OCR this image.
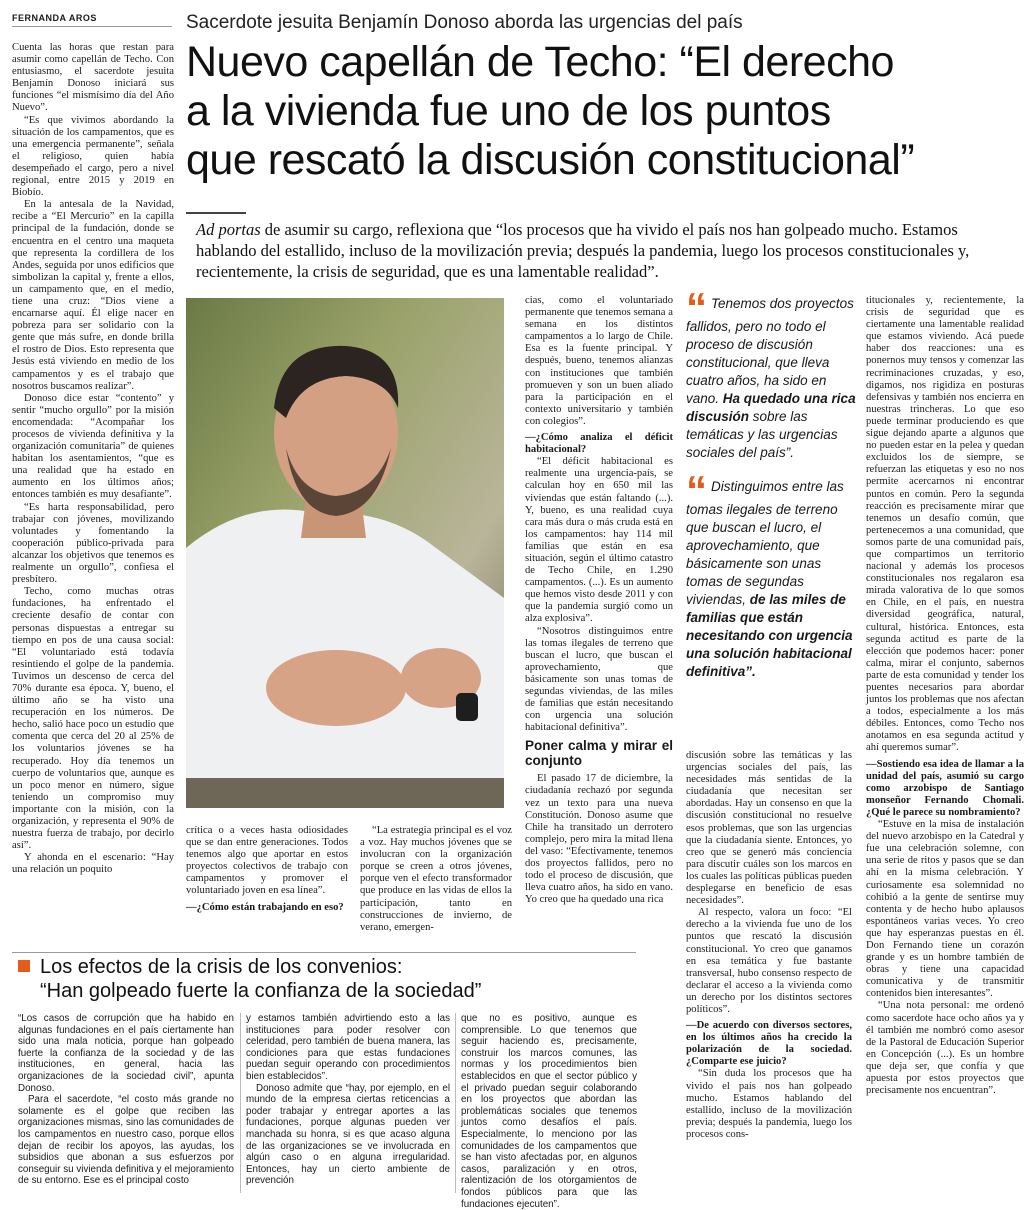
FERNANDA AROS	Sacerdote jesuita Benjamín Donoso aborda las urgencias del país
Nuevo capellán de Techo: “El derecho
a la vivienda fue uno de los puntos
que rescató la discusión constitucional”
Ad portas de asumir su cargo, reflexiona que “los procesos que ha vivido el país nos han golpeado mucho. Estamos hablando del estallido, incluso de la movilización previa; después la pandemia, luego los procesos constitucionales y, recientemente, la crisis de seguridad, que es una lamentable realidad”.

Cuenta las horas que restan para asumir como capellán de Techo. Con entusiasmo, el sacerdote jesuita Benjamín Donoso iniciará sus funciones “el mismísimo día del Año Nuevo”.

“Es que vivimos abordando la situación de los campamentos, que es una emergencia permanente”, señala el religioso, quien había desempeñado el cargo, pero a nivel regional, entre 2015 y 2019 en Biobío.

En la antesala de la Navidad, recibe a “El Mercurio” en la capilla principal de la fundación, donde se encuentra en el centro una maqueta que representa la cordillera de los Andes, seguida por unos edificios que simbolizan la capital y, frente a ellos, un campamento que, en el medio, tiene una cruz: “Dios viene a encarnarse aquí. Él elige nacer en pobreza para ser solidario con la gente que más sufre, en donde brilla el rostro de Dios. Esto representa que Jesús está viviendo en medio de los campamentos y es el trabajo que nosotros buscamos realizar”.

Donoso dice estar “contento” y sentir “mucho orgullo” por la misión encomendada: “Acompañar los procesos de vivienda definitiva y la organización comunitaria” de quienes habitan los asentamientos, “que es una realidad que ha estado en aumento en los últimos años; entonces también es muy desafiante”.

“Es harta responsabilidad, pero trabajar con jóvenes, movilizando voluntades y fomentando la cooperación público-privada para alcanzar los objetivos que tenemos es realmente un orgullo”, confiesa el presbítero.

Techo, como muchas otras fundaciones, ha enfrentado el creciente desafío de contar con personas dispuestas a entregar su tiempo en pos de una causa social: “El voluntariado está todavía resintiendo el golpe de la pandemia. Tuvimos un descenso de cerca del 70% durante esa época. Y, bueno, el último año se ha visto una recuperación en los números. De hecho, salió hace poco un estudio que comenta que cerca del 20 al 25% de los voluntarios jóvenes se ha recuperado. Hoy día tenemos un cuerpo de voluntarios que, aunque es un poco menor en número, sigue teniendo un compromiso muy importante con la misión, con la organización, y representa el 90% de nuestra fuerza de trabajo, por decirlo así”.

Y ahonda en el escenario: “Hay una relación un poquito

crítica o a veces hasta odiosidades que se dan entre generaciones. Todos tenemos algo que aportar en estos proyectos colectivos de trabajo con campamentos y promover el voluntariado joven en esa línea”.

—¿Cómo están trabajando en eso?

“La estrategia principal es el voz a voz. Hay muchos jóvenes que se involucran con la organización porque se creen a otros jóvenes, porque ven el efecto transformador que produce en las vidas de ellos la participación, tanto en construcciones de invierno, de verano, emergen-

cias, como el voluntariado permanente que tenemos semana a semana en los distintos campamentos a lo largo de Chile. Esa es la fuente principal. Y después, bueno, tenemos alianzas con instituciones que también promueven y son un buen aliado para la participación en el contexto universitario y también con colegios”.

—¿Cómo analiza el déficit habitacional?

“El déficit habitacional es realmente una urgencia-país, se calculan hoy en 650 mil las viviendas que están faltando (...). Y, bueno, es una realidad cuya cara más dura o más cruda está en los campamentos: hay 114 mil familias que están en esa situación, según el último catastro de Techo Chile, en 1.290 campamentos. (...). Es un aumento que hemos visto desde 2011 y con que la pandemia surgió como un alza explosiva”.

“Nosotros distinguimos entre las tomas ilegales de terreno que buscan el lucro, que buscan el aprovechamiento, que básicamente son unas tomas de segundas viviendas, de las miles de familias que están necesitando con urgencia una solución habitacional definitiva”.

Poner calma y mirar el conjunto

El pasado 17 de diciembre, la ciudadanía rechazó por segunda vez un texto para una nueva Constitución. Donoso asume que Chile ha transitado un derrotero complejo, pero mira la mitad llena del vaso: “Efectivamente, tenemos dos proyectos fallidos, pero no todo el proceso de discusión, que lleva cuatro años, ha sido en vano. Yo creo que ha quedado una rica

“ Tenemos dos proyectos fallidos, pero no todo el proceso de discusión constitucional, que lleva cuatro años, ha sido en vano. Ha quedado una rica discusión sobre las temáticas y las urgencias sociales del país”.

“ Distinguimos entre las tomas ilegales de terreno que buscan el lucro, el aprovechamiento, que básicamente son unas tomas de segundas viviendas, de las miles de familias que están necesitando con urgencia una solución habitacional definitiva”.

discusión sobre las temáticas y las urgencias sociales del país, las necesidades más sentidas de la ciudadanía que necesitan ser abordadas. Hay un consenso en que la discusión constitucional no resuelve esos problemas, que son las urgencias que la ciudadanía siente. Entonces, yo creo que se generó más conciencia para discutir cuáles son los marcos en los cuales las políticas públicas pueden desplegarse en beneficio de esas necesidades”.

Al respecto, valora un foco: “El derecho a la vivienda fue uno de los puntos que rescató la discusión constitucional. Yo creo que ganamos en esa temática y fue bastante transversal, hubo consenso respecto de declarar el acceso a la vivienda como un derecho por los distintos sectores políticos”.

—De acuerdo con diversos sectores, en los últimos años ha crecido la polarización de la sociedad. ¿Comparte ese juicio?

“Sin duda los procesos que ha vivido el país nos han golpeado mucho. Estamos hablando del estallido, incluso de la movilización previa; después la pandemia, luego los procesos cons-

titucionales y, recientemente, la crisis de seguridad que es ciertamente una lamentable realidad que estamos viviendo. Acá puede haber dos reacciones: una es ponernos muy tensos y comenzar las recriminaciones cruzadas, y eso, digamos, nos rigidiza en posturas defensivas y también nos encierra en nuestras trincheras. Lo que eso puede terminar produciendo es que sigue dejando aparte a algunos que no pueden estar en la pelea y quedan excluidos los de siempre, se refuerzan las etiquetas y eso no nos permite acercarnos ni encontrar puntos en común. Pero la segunda reacción es precisamente mirar que tenemos un desafío común, que pertenecemos a una comunidad, que somos parte de una comunidad país, que compartimos un territorio nacional y además los procesos constitucionales nos regalaron esa mirada valorativa de lo que somos en Chile, en el país, en nuestra diversidad geográfica, natural, cultural, histórica. Entonces, esta segunda actitud es parte de la elección que podemos hacer: poner calma, mirar el conjunto, sabernos parte de esta comunidad y tender los puentes necesarios para abordar juntos los problemas que nos afectan a todos, especialmente a los más débiles. Entonces, como Techo nos anotamos en esa segunda actitud y ahí queremos sumar”.

—Sostiendo esa idea de llamar a la unidad del país, asumió su cargo como arzobispo de Santiago monseñor Fernando Chomali. ¿Qué le parece su nombramiento?

“Estuve en la misa de instalación del nuevo arzobispo en la Catedral y fue una celebración solemne, con una serie de ritos y pasos que se dan ahí en la misma celebración. Y curiosamente esa solemnidad no cohibió a la gente de sentirse muy contenta y de hecho hubo aplausos espontáneos varias veces. Yo creo que hay esperanzas puestas en él. Don Fernando tiene un corazón grande y es un hombre también de obras y tiene una capacidad comunicativa y de transmitir contenidos bien interesantes”.

“Una nota personal: me ordenó como sacerdote hace ocho años ya y él también me nombró como asesor de la Pastoral de Educación Superior en Concepción (...). Es un hombre que deja ser, que confía y que apuesta por estos proyectos que precisamente nos encuentran”.

Los efectos de la crisis de los convenios:
“Han golpeado fuerte la confianza de la sociedad”

“Los casos de corrupción que ha habido en algunas fundaciones en el país ciertamente han sido una mala noticia, porque han golpeado fuerte la confianza de la sociedad y de las instituciones, en general, hacia las organizaciones de la sociedad civil”, apunta Donoso.

Para el sacerdote, “el costo más grande no solamente es el golpe que reciben las organizaciones mismas, sino las comunidades de los campamentos en nuestro caso, porque ellos dejan de recibir los apoyos, las ayudas, los subsidios que abonan a sus esfuerzos por conseguir su vivienda definitiva y el mejoramiento de su entorno. Ese es el principal costo

y estamos también advirtiendo esto a las instituciones para poder resolver con celeridad, pero también de buena manera, las condiciones para que estas fundaciones puedan seguir operando con procedimientos bien establecidos”.

Donoso admite que “hay, por ejemplo, en el mundo de la empresa ciertas reticencias a poder trabajar y entregar aportes a las fundaciones, porque algunas pueden ver manchada su honra, si es que acaso alguna de las organizaciones se ve involucrada en algún caso o en alguna irregularidad. Entonces, hay un cierto ambiente de prevención

que no es positivo, aunque es comprensible. Lo que tenemos que seguir haciendo es, precisamente, construir los marcos comunes, las normas y los procedimientos bien establecidos en que el sector público y el privado puedan seguir colaborando en los proyectos que abordan las problemáticas sociales que tenemos juntos como desafíos el país. Especialmente, lo menciono por las comunidades de los campamentos que se han visto afectadas por, en algunos casos, paralización y en otros, ralentización de los otorgamientos de fondos públicos para que las fundaciones ejecuten”.
